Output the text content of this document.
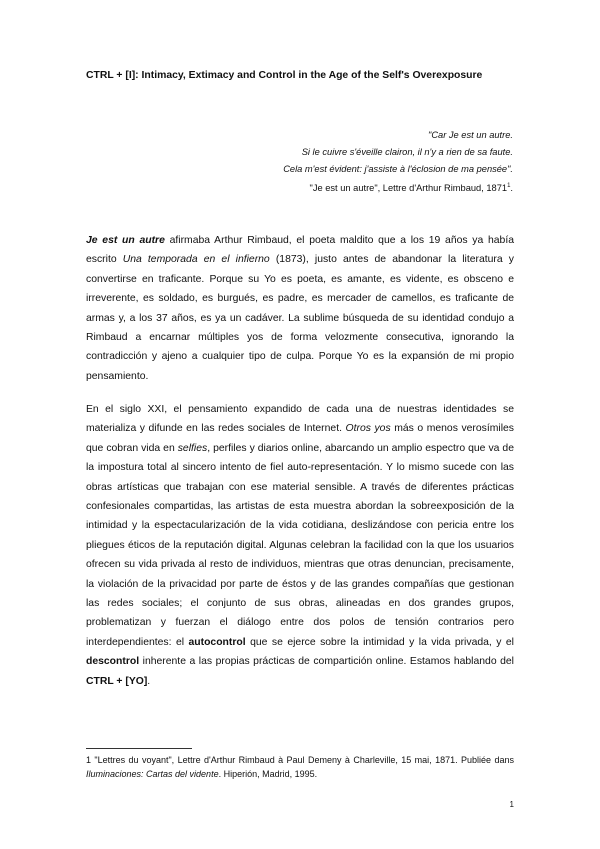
CTRL + [I]: Intimacy, Extimacy and Control in the Age of the Self's Overexposure
"Car Je est un autre.
Si le cuivre s'éveille clairon, il n'y a rien de sa faute.
Cela m'est évident: j'assiste à l'éclosion de ma pensée".
"Je est un autre", Lettre d'Arthur Rimbaud, 1871$^1$.

Je est un autre afirmaba Arthur Rimbaud, el poeta maldito que a los 19 años ya había escrito Una temporada en el infierno (1873), justo antes de abandonar la literatura y convertirse en traficante. Porque su Yo es poeta, es amante, es vidente, es obsceno e irreverente, es soldado, es burgués, es padre, es mercader de camellos, es traficante de armas y, a los 37 años, es ya un cadáver. La sublime búsqueda de su identidad condujo a Rimbaud a encarnar múltiples yos de forma velozmente consecutiva, ignorando la contradicción y ajeno a cualquier tipo de culpa. Porque Yo es la expansión de mi propio pensamiento.

En el siglo XXI, el pensamiento expandido de cada una de nuestras identidades se materializa y difunde en las redes sociales de Internet. Otros yos más o menos verosímiles que cobran vida en selfies, perfiles y diarios online, abarcando un amplio espectro que va de la impostura total al sincero intento de fiel auto-representación. Y lo mismo sucede con las obras artísticas que trabajan con ese material sensible. A través de diferentes prácticas confesionales compartidas, las artistas de esta muestra abordan la sobreexposición de la intimidad y la espectacularización de la vida cotidiana, deslizándose con pericia entre los pliegues éticos de la reputación digital. Algunas celebran la facilidad con la que los usuarios ofrecen su vida privada al resto de individuos, mientras que otras denuncian, precisamente, la violación de la privacidad por parte de éstos y de las grandes compañías que gestionan las redes sociales; el conjunto de sus obras, alineadas en dos grandes grupos, problematizan y fuerzan el diálogo entre dos polos de tensión contrarios pero interdependientes: el autocontrol que se ejerce sobre la intimidad y la vida privada, y el descontrol inherente a las propias prácticas de compartición online. Estamos hablando del CTRL + [YO].

1 "Lettres du voyant", Lettre d'Arthur Rimbaud à Paul Demeny à Charleville, 15 mai, 1871. Publiée dans Iluminaciones: Cartas del vidente. Hiperión, Madrid, 1995.
1
